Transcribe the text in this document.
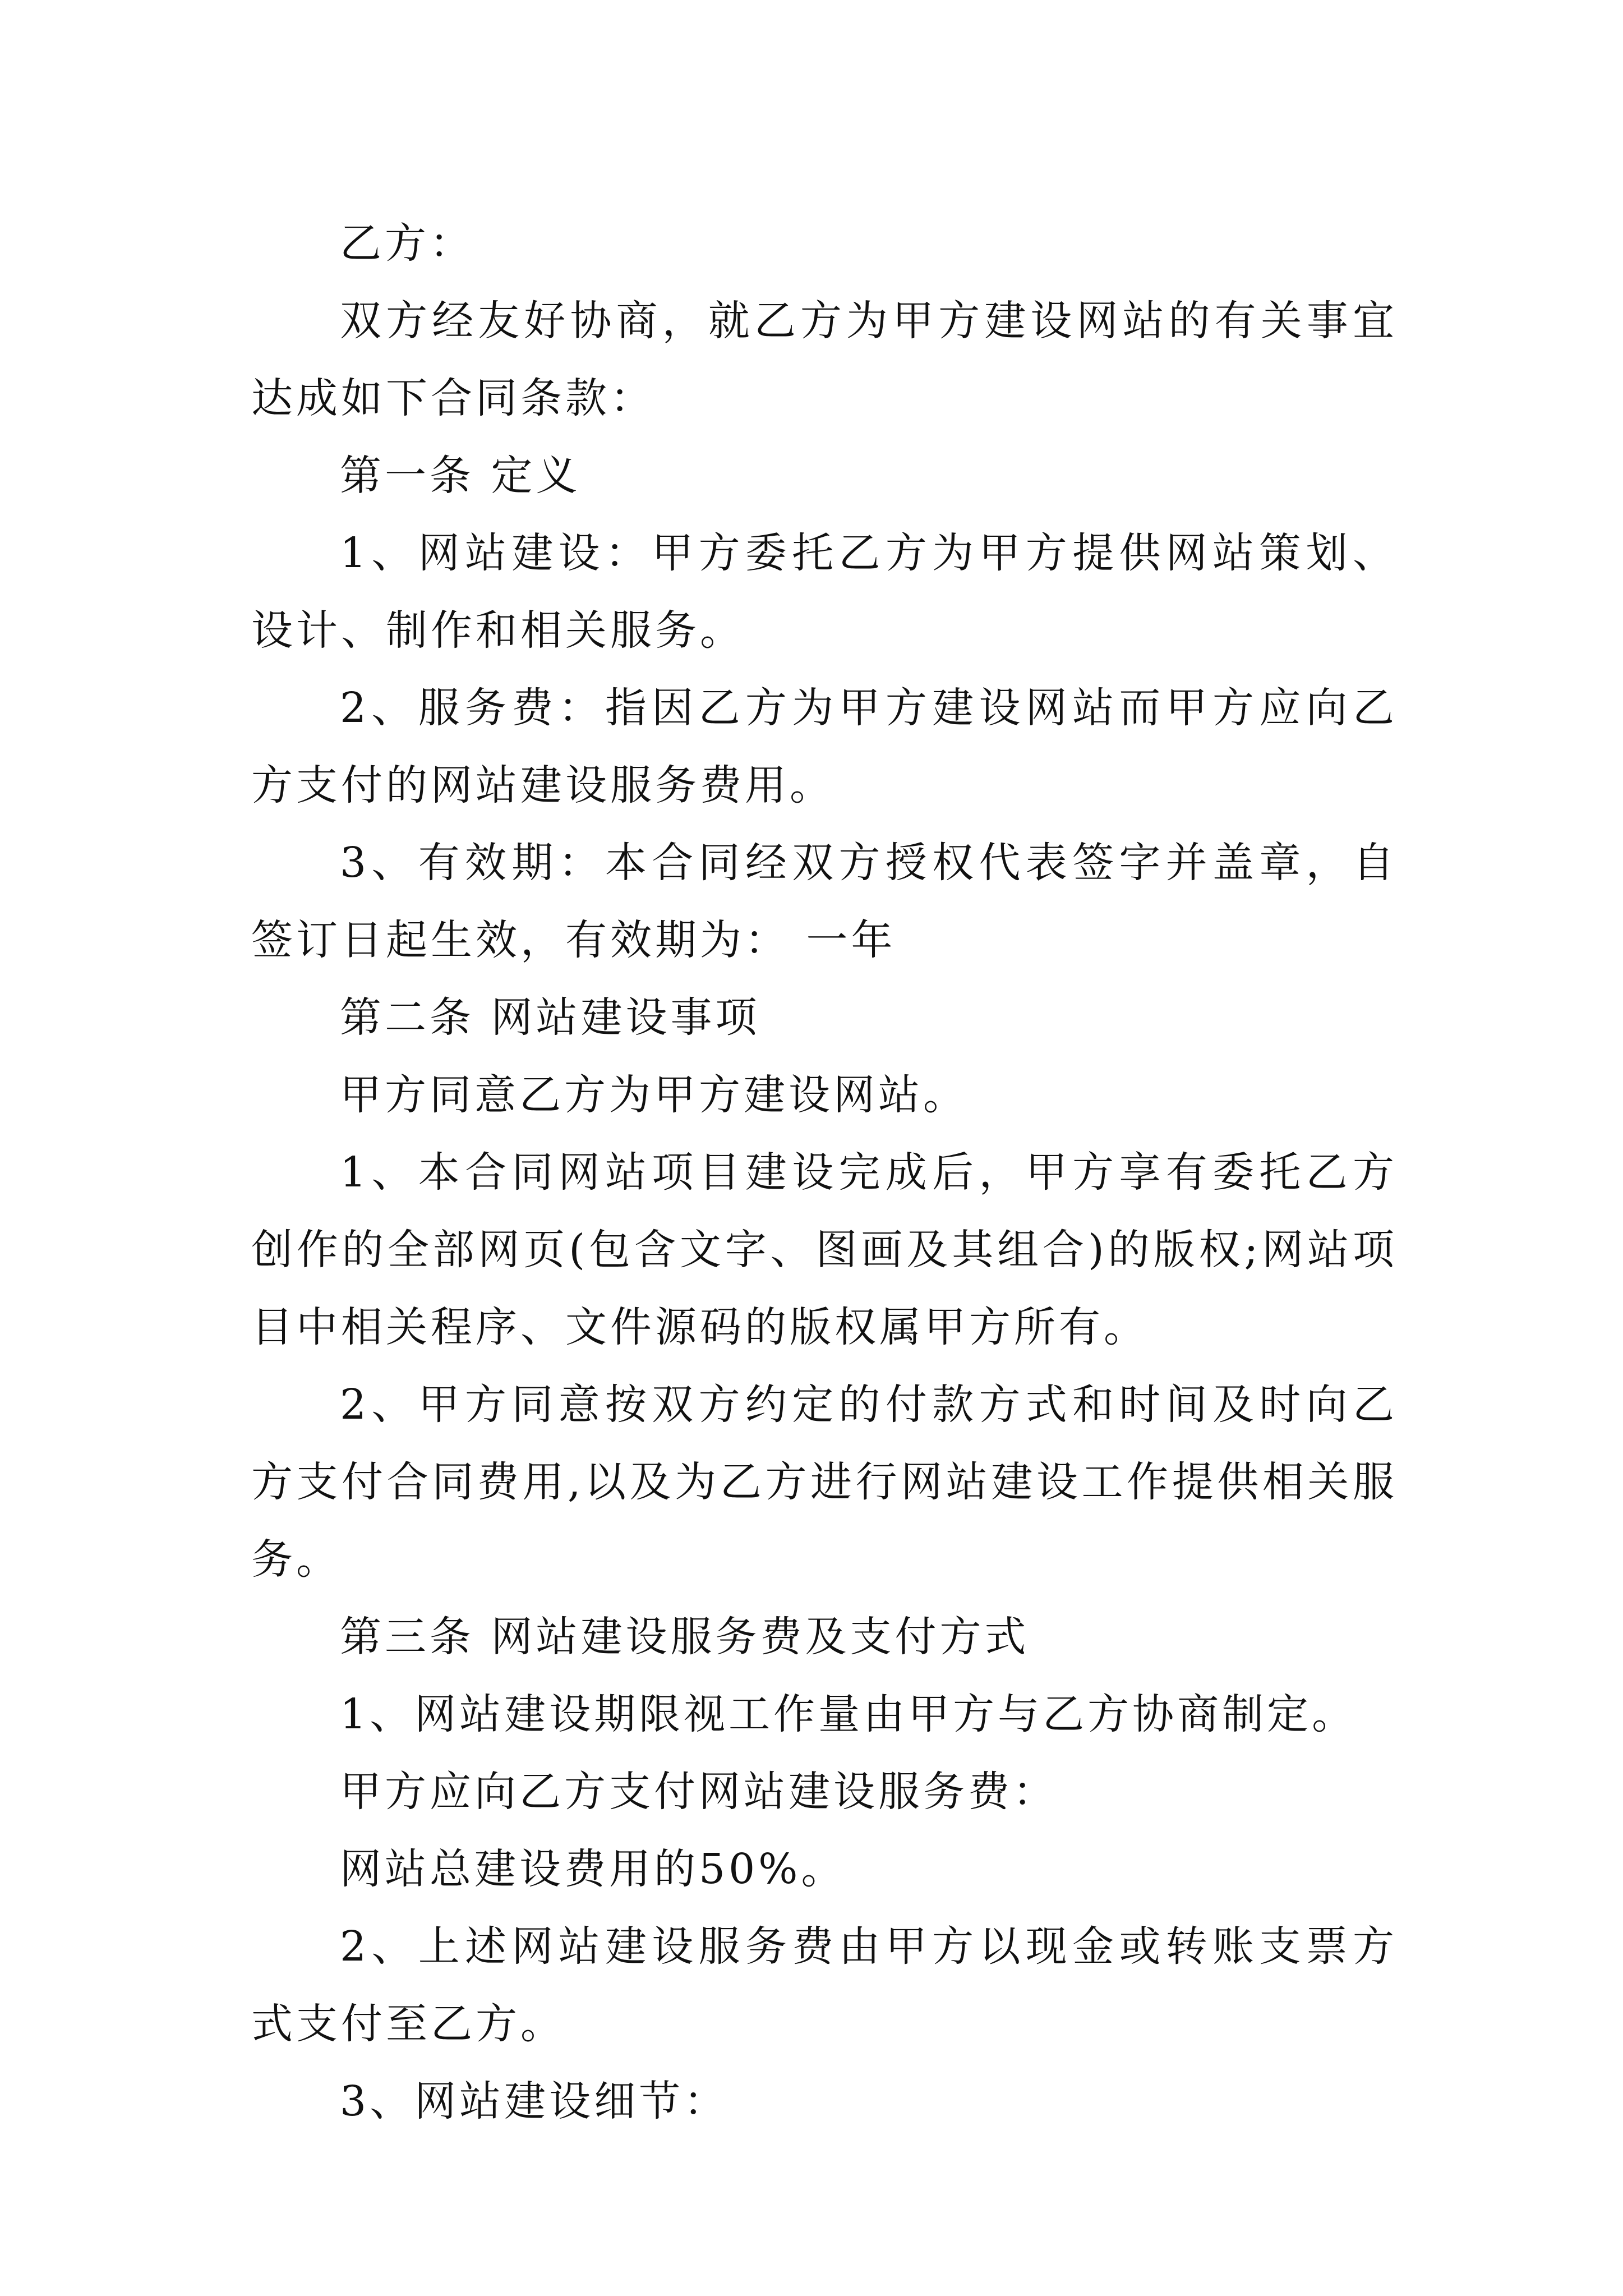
乙方：

双方经友好协商，就乙方为甲方建设网站的有关事宜达成如下合同条款：

第一条 定义

1、网站建设：甲方委托乙方为甲方提供网站策划、设计、制作和相关服务。

2、服务费：指因乙方为甲方建设网站而甲方应向乙方支付的网站建设服务费用。

3、有效期：本合同经双方授权代表签字并盖章，自签订日起生效，有效期为： 一年

第二条 网站建设事项

甲方同意乙方为甲方建设网站。

1、本合同网站项目建设完成后，甲方享有委托乙方创作的全部网页(包含文字、图画及其组合)的版权;网站项目中相关程序、文件源码的版权属甲方所有。

2、甲方同意按双方约定的付款方式和时间及时向乙方支付合同费用,以及为乙方进行网站建设工作提供相关服务。

第三条 网站建设服务费及支付方式

1、网站建设期限视工作量由甲方与乙方协商制定。

甲方应向乙方支付网站建设服务费：

网站总建设费用的50%。

2、上述网站建设服务费由甲方以现金或转账支票方式支付至乙方。

3、网站建设细节：
